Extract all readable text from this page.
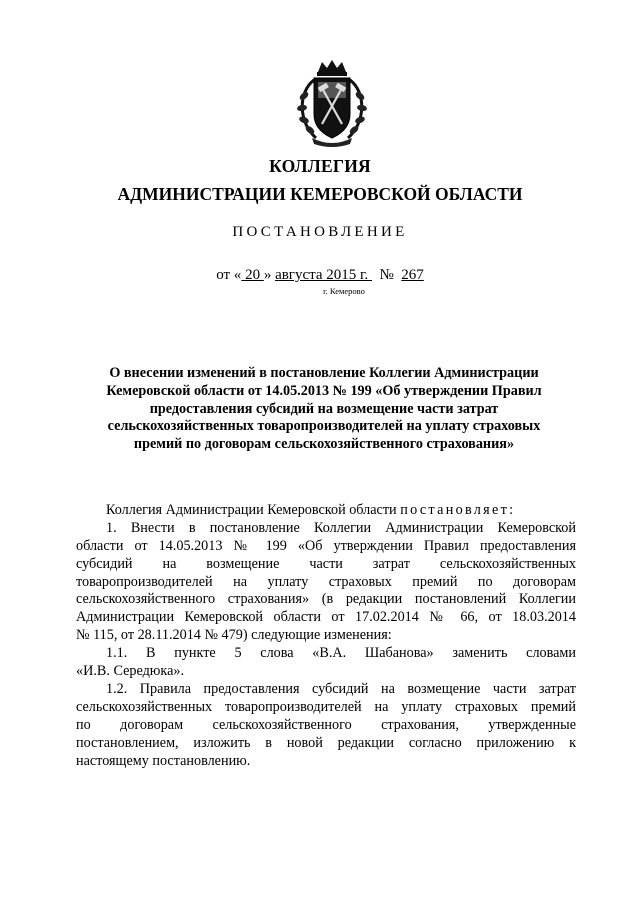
КОЛЛЕГИЯ
АДМИНИСТРАЦИИ КЕМЕРОВСКОЙ ОБЛАСТИ
ПОСТАНОВЛЕНИЕ
от « 20 » августа 2015 г.   №  267
г. Кемерово
О внесении изменений в постановление Коллегии Администрации
Кемеровской области от 14.05.2013 № 199 «Об утверждении Правил
предоставления субсидий на возмещение части затрат
сельскохозяйственных товаропроизводителей на уплату страховых
премий по договорам сельскохозяйственного страхования»
Коллегия Администрации Кемеровской области постановляет:
1. Внести в постановление Коллегии Администрации Кемеровской
области от 14.05.2013 № 199 «Об утверждении Правил предоставления
субсидий на возмещение части затрат сельскохозяйственных
товаропроизводителей на уплату страховых премий по договорам
сельскохозяйственного страхования» (в редакции постановлений Коллегии
Администрации Кемеровской области от 17.02.2014 № 66, от 18.03.2014
№ 115, от 28.11.2014 № 479) следующие изменения:
1.1. В пункте 5 слова «В.А. Шабанова» заменить словами
«И.В. Середюка».
1.2. Правила предоставления субсидий на возмещение части затрат
сельскохозяйственных товаропроизводителей на уплату страховых премий
по договорам сельскохозяйственного страхования, утвержденные
постановлением, изложить в новой редакции согласно приложению к
настоящему постановлению.
